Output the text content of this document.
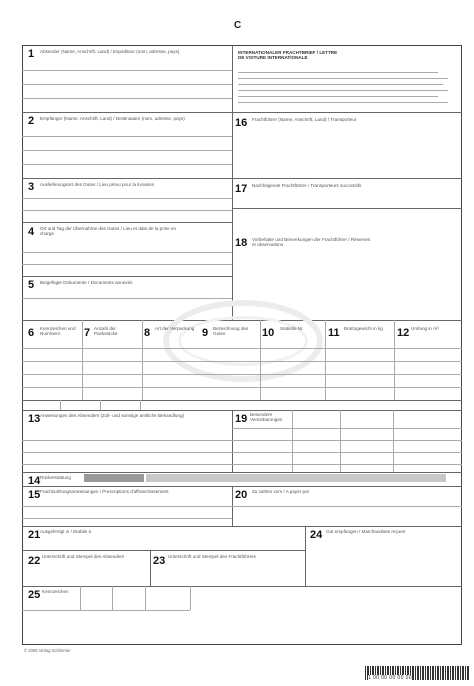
C
1 Absender (Name, Anschrift, Land) / Expéditeur (nom, adresse, pays)	INTERNATIONALER FRACHTBRIEF / LETTRE DE VOITURE INTERNATIONALE
2 Empfänger (Name, Anschrift, Land) / Destinataire (nom, adresse, pays)	16 Frachtführer (Name, Anschrift, Land) / Transporteur
3 Auslieferungsort des Gutes / Lieu prévu pour la livraison	17 Nachfolgende Frachtführer / Transporteurs successifs
4 Ort und Tag der Übernahme des Gutes / Lieu et date de la prise en charge
18 Vorbehalte und Bemerkungen der Frachtführer / Réserves et observations
5 Beigefügte Dokumente / Documents annexés
6 Kennzeichen und Nummern	7 Anzahl der Packstücke	8 Art der Verpackung 9 Bezeichnung des Gutes	10 Statistik-Nr.	11 Bruttogewicht in kg	12 Umfang in m³
13 Anweisungen des Absenders (Zoll- und sonstige amtliche Behandlung)	19 Besondere Vereinbarungen
14 Rückerstattung
15 Frachtzahlungsanweisungen / Prescriptions d'affranchissement	20 Zu zahlen vom / A payer par
21 Ausgefertigt in / Etablie à
22 Unterschrift und Stempel des Absenders	23 Unterschrift und Stempel des Frachtführers
24 Gut empfangen / Marchandises reçues
25 Kennzeichen
© 2006 Verlag Schimmer
1 00 00 00 00 00
